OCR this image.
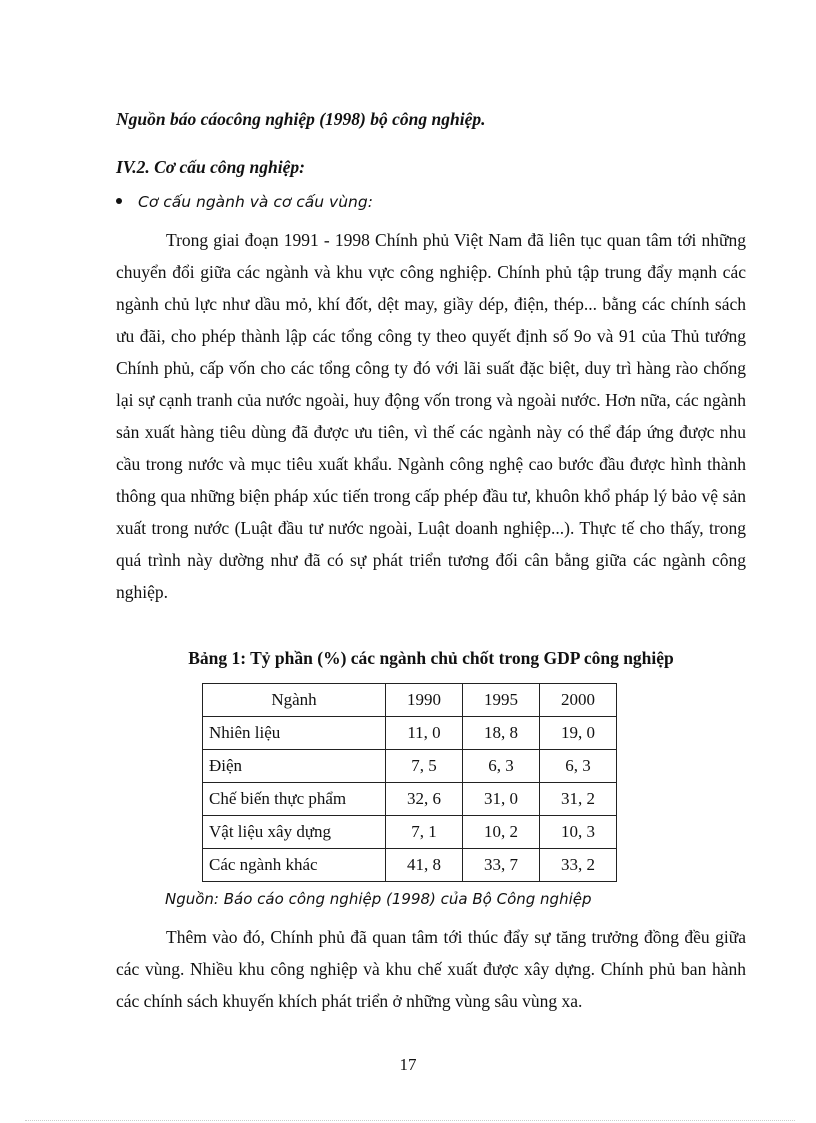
Nguồn báo cáocông nghiệp (1998) bộ công nghiệp.
IV.2. Cơ cấu công nghiệp:
Cơ cấu ngành và cơ cấu vùng:

Trong giai đoạn 1991 - 1998 Chính phủ Việt Nam đã liên tục quan tâm tới những chuyển đổi giữa các ngành và khu vực công nghiệp. Chính phủ tập trung đẩy mạnh các ngành chủ lực như dầu mỏ, khí đốt, dệt may, giầy dép, điện, thép... bằng các chính sách ưu đãi, cho phép thành lập các tổng công ty theo quyết định số 9o và 91 của Thủ tướng Chính phủ, cấp vốn cho các tổng công ty đó với lãi suất đặc biệt, duy trì hàng rào chống lại sự cạnh tranh của nước ngoài, huy động vốn trong và ngoài nước. Hơn nữa, các ngành sản xuất hàng tiêu dùng đã được ưu tiên, vì thế các ngành này có thể đáp ứng được nhu cầu trong nước và mục tiêu xuất khẩu. Ngành công nghệ cao bước đầu được hình thành thông qua những biện pháp xúc tiến trong cấp phép đầu tư, khuôn khổ pháp lý bảo vệ sản xuất trong nước (Luật đầu tư nước ngoài, Luật doanh nghiệp...). Thực tế cho thấy, trong quá trình này dường như đã có sự phát triển tương đối cân bằng giữa các ngành công nghiệp.

Bảng 1: Tỷ phần (%) các ngành chủ chốt trong GDP công nghiệp
Ngành	1990	1995	2000
Nhiên liệu	11, 0	18, 8	19, 0
Điện	7, 5	6, 3	6, 3
Chế biến thực phẩm	32, 6	31, 0	31, 2
Vật liệu xây dựng	7, 1	10, 2	10, 3
Các ngành khác	41, 8	33, 7	33, 2
Nguồn: Báo cáo công nghiệp (1998) của Bộ Công nghiệp

Thêm vào đó, Chính phủ đã quan tâm tới thúc đẩy sự tăng trưởng đồng đều giữa các vùng. Nhiều khu công nghiệp và khu chế xuất được xây dựng. Chính phủ ban hành các chính sách khuyến khích phát triển ở những vùng sâu vùng xa.

17
